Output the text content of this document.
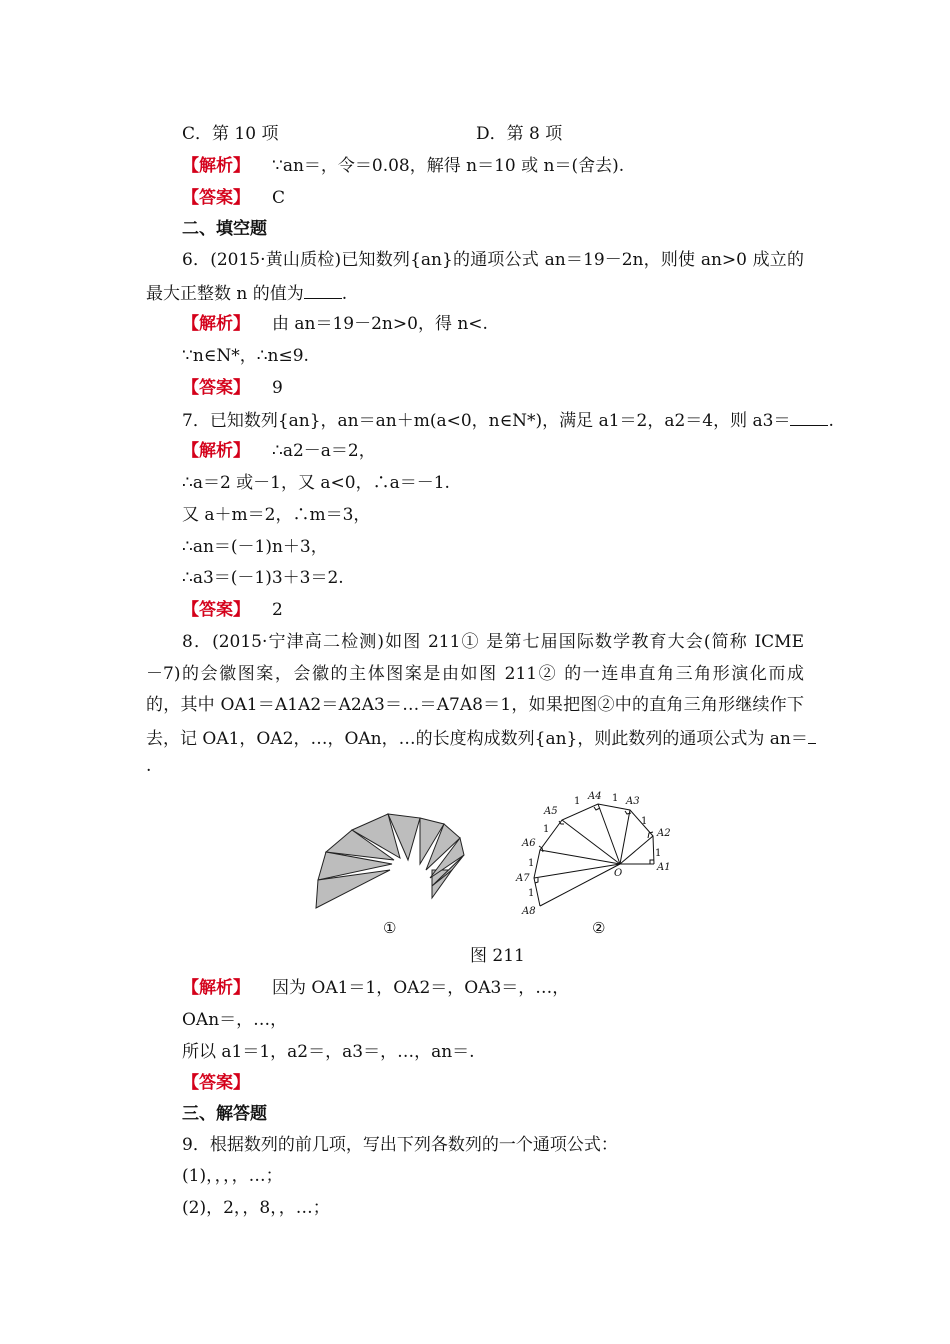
C．第 10 项	D．第 8 项
【解析】 ∵an＝，令＝0.08，解得 n＝10 或 n＝(舍去).
【答案】 C
二、填空题
6．(2015·黄山质检)已知数列{an}的通项公式 an＝19－2n，则使 an>0 成立的
最大正整数 n 的值为 .
【解析】 由 an＝19－2n>0，得 n<.
∵n∈N*，∴n≤9.
【答案】 9
7．已知数列{an}，an＝an＋m(a<0，n∈N*)，满足 a1＝2，a2＝4，则 a3＝ .
【解析】 ∴a2－a＝2，
∴a＝2 或－1，又 a<0，∴a＝－1.
又 a＋m＝2，∴m＝3，
∴an＝(－1)n＋3，
∴a3＝(－1)3＋3＝2.
【答案】 2
8．(2015·宁津高二检测)如图 211① 是第七届国际数学教育大会(简称 ICME
－7)的会徽图案，会徽的主体图案是由如图 211② 的一连串直角三角形演化而成
的，其中 OA1＝A1A2＝A2A3＝…＝A7A8＝1，如果把图②中的直角三角形继续作下
去，记 OA1，OA2，…，OAn，…的长度构成数列{an}，则此数列的通项公式为 an＝
.
①
A1
A2
A3
A4
A5
A6
A7
A8
O
1
1
1
1
1
1
1
②
图 211
【解析】 因为 OA1＝1，OA2＝，OA3＝，…，
OAn＝，…，
所以 a1＝1，a2＝，a3＝，…，an＝.
【答案】
三、解答题
9．根据数列的前几项，写出下列各数列的一个通项公式：
(1)，，，，…；
(2)，2，，8，，…；
